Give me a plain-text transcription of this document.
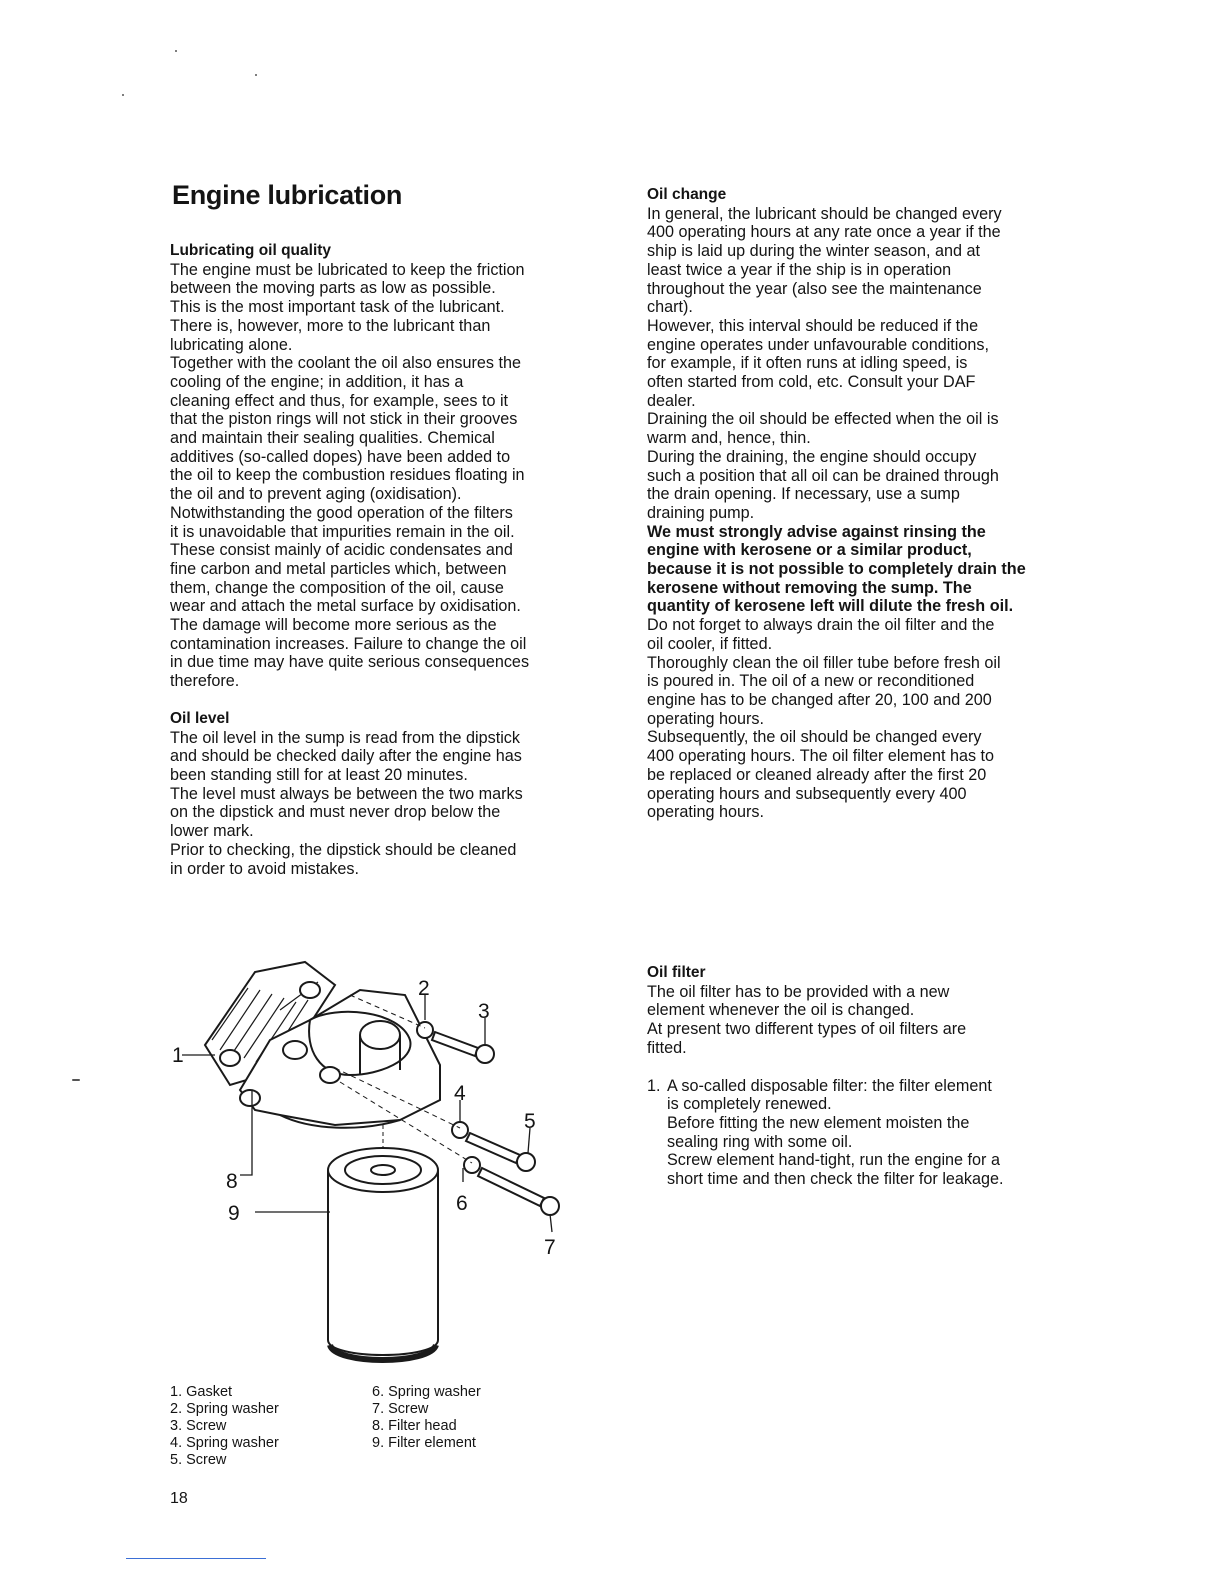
Engine lubrication
Lubricating oil quality
The engine must be lubricated to keep the friction
between the moving parts as low as possible.
This is the most important task of the lubricant.
There is, however, more to the lubricant than
lubricating alone.
Together with the coolant the oil also ensures the
cooling of the engine; in addition, it has a
cleaning effect and thus, for example, sees to it
that the piston rings will not stick in their grooves
and maintain their sealing qualities. Chemical
additives (so-called dopes) have been added to
the oil to keep the combustion residues floating in
the oil and to prevent aging (oxidisation).
Notwithstanding the good operation of the filters
it is unavoidable that impurities remain in the oil.
These consist mainly of acidic condensates and
fine carbon and metal particles which, between
them, change the composition of the oil, cause
wear and attach the metal surface by oxidisation.
The damage will become more serious as the
contamination increases. Failure to change the oil
in due time may have quite serious consequences
therefore.
Oil level
The oil level in the sump is read from the dipstick
and should be checked daily after the engine has
been standing still for at least 20 minutes.
The level must always be between the two marks
on the dipstick and must never drop below the
lower mark.
Prior to checking, the dipstick should be cleaned
in order to avoid mistakes.
Oil change
In general, the lubricant should be changed every
400 operating hours at any rate once a year if the
ship is laid up during the winter season, and at
least twice a year if the ship is in operation
throughout the year (also see the maintenance
chart).
However, this interval should be reduced if the
engine operates under unfavourable conditions,
for example, if it often runs at idling speed, is
often started from cold, etc. Consult your DAF
dealer.
Draining the oil should be effected when the oil is
warm and, hence, thin.
During the draining, the engine should occupy
such a position that all oil can be drained through
the drain opening. If necessary, use a sump
draining pump.
We must strongly advise against rinsing the
engine with kerosene or a similar product,
because it is not possible to completely drain the
kerosene without removing the sump. The
quantity of kerosene left will dilute the fresh oil.
Do not forget to always drain the oil filter and the
oil cooler, if fitted.
Thoroughly clean the oil filler tube before fresh oil
is poured in. The oil of a new or reconditioned
engine has to be changed after 20, 100 and 200
operating hours.
Subsequently, the oil should be changed every
400 operating hours. The oil filter element has to
be replaced or cleaned already after the first 20
operating hours and subsequently every 400
operating hours.
Oil filter
The oil filter has to be provided with a new
element whenever the oil is changed.
At present two different types of oil filters are
fitted.
1. A so-called disposable filter: the filter element
is completely renewed.
Before fitting the new element moisten the
sealing ring with some oil.
Screw element hand-tight, run the engine for a
short time and then check the filter for leakage.
1
2
3
4
5
6
7
8
9
1. Gasket
2. Spring washer
3. Screw
4. Spring washer
5. Screw
6. Spring washer
7. Screw
8. Filter head
9. Filter element
18
